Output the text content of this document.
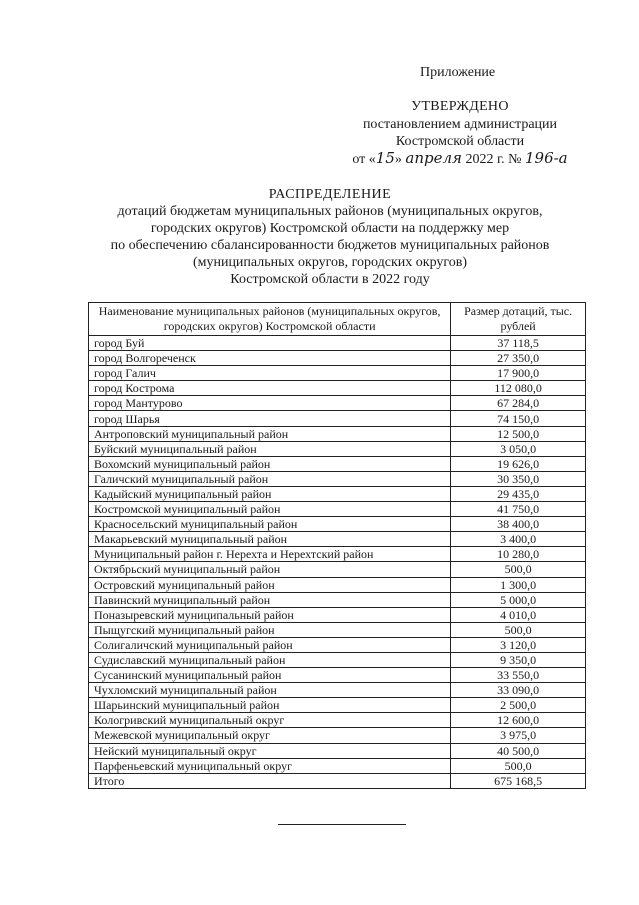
Приложение
УТВЕРЖДЕНО
постановлением администрации
Костромской области
от «15» апреля 2022 г. № 196-а
РАСПРЕДЕЛЕНИЕ
дотаций бюджетам муниципальных районов (муниципальных округов,
городских округов) Костромской области на поддержку мер
по обеспечению сбалансированности бюджетов муниципальных районов
(муниципальных округов, городских округов)
Костромской области в 2022 году
Наименование муниципальных районов (муниципальных округов, городских округов) Костромской области	Размер дотаций, тыс. рублей
город Буй	37 118,5
город Волгореченск	27 350,0
город Галич	17 900,0
город Кострома	112 080,0
город Мантурово	67 284,0
город Шарья	74 150,0
Антроповский муниципальный район	12 500,0
Буйский муниципальный район	3 050,0
Вохомский муниципальный район	19 626,0
Галичский муниципальный район	30 350,0
Кадыйский муниципальный район	29 435,0
Костромской муниципальный район	41 750,0
Красносельский муниципальный район	38 400,0
Макарьевский муниципальный район	3 400,0
Муниципальный район г. Нерехта и Нерехтский район	10 280,0
Октябрьский муниципальный район	500,0
Островский муниципальный район	1 300,0
Павинский муниципальный район	5 000,0
Поназыревский муниципальный район	4 010,0
Пыщугский муниципальный район	500,0
Солигаличский муниципальный район	3 120,0
Судиславский муниципальный район	9 350,0
Сусанинский муниципальный район	33 550,0
Чухломский муниципальный район	33 090,0
Шарьинский муниципальный район	2 500,0
Кологривский муниципальный округ	12 600,0
Межевской муниципальный округ	3 975,0
Нейский муниципальный округ	40 500,0
Парфеньевский муниципальный округ	500,0
Итого	675 168,5
